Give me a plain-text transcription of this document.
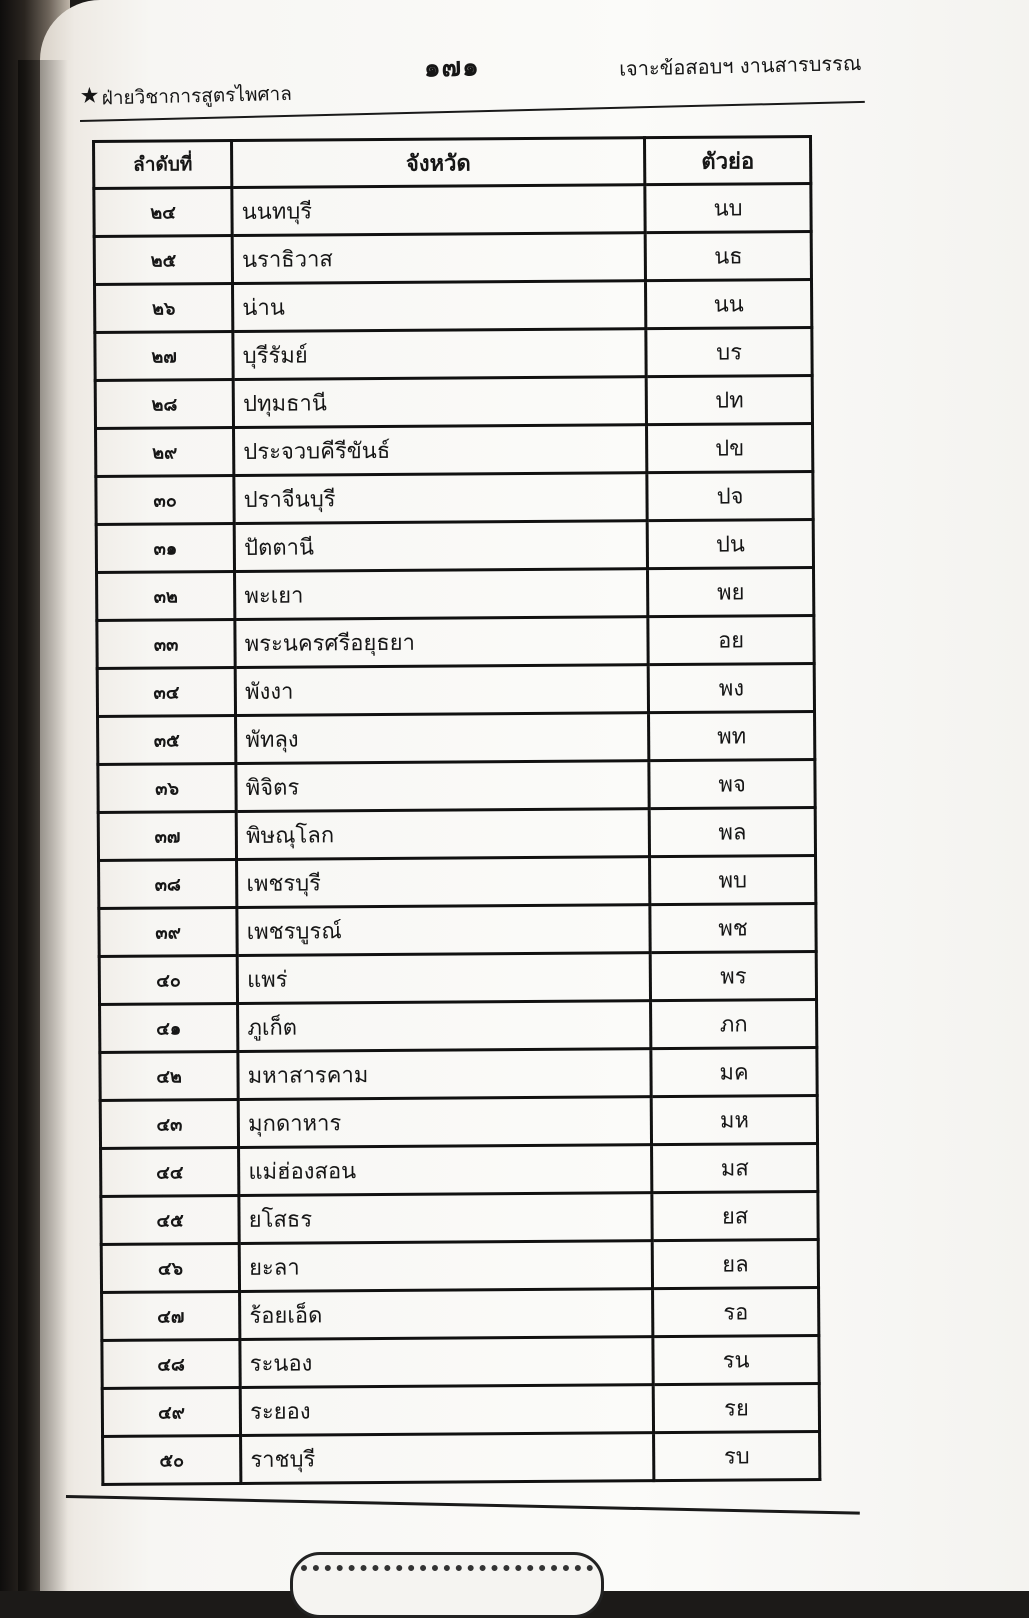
★ ฝ่ายวิชาการสูตรไพศาล
๑๗๑	เจาะข้อสอบฯ งานสารบรรณ
ลำดับที่	จังหวัด	ตัวย่อ
๒๔	นนทบุรี	นบ
๒๕	นราธิวาส	นธ
๒๖	น่าน	นน
๒๗	บุรีรัมย์	บร
๒๘	ปทุมธานี	ปท
๒๙	ประจวบคีรีขันธ์	ปข
๓๐	ปราจีนบุรี	ปจ
๓๑	ปัตตานี	ปน
๓๒	พะเยา	พย
๓๓	พระนครศรีอยุธยา	อย
๓๔	พังงา	พง
๓๕	พัทลุง	พท
๓๖	พิจิตร	พจ
๓๗	พิษณุโลก	พล
๓๘	เพชรบุรี	พบ
๓๙	เพชรบูรณ์	พช
๔๐	แพร่	พร
๔๑	ภูเก็ต	ภก
๔๒	มหาสารคาม	มค
๔๓	มุกดาหาร	มห
๔๔	แม่ฮ่องสอน	มส
๔๕	ยโสธร	ยส
๔๖	ยะลา	ยล
๔๗	ร้อยเอ็ด	รอ
๔๘	ระนอง	รน
๔๙	ระยอง	รย
๕๐	ราชบุรี	รบ
